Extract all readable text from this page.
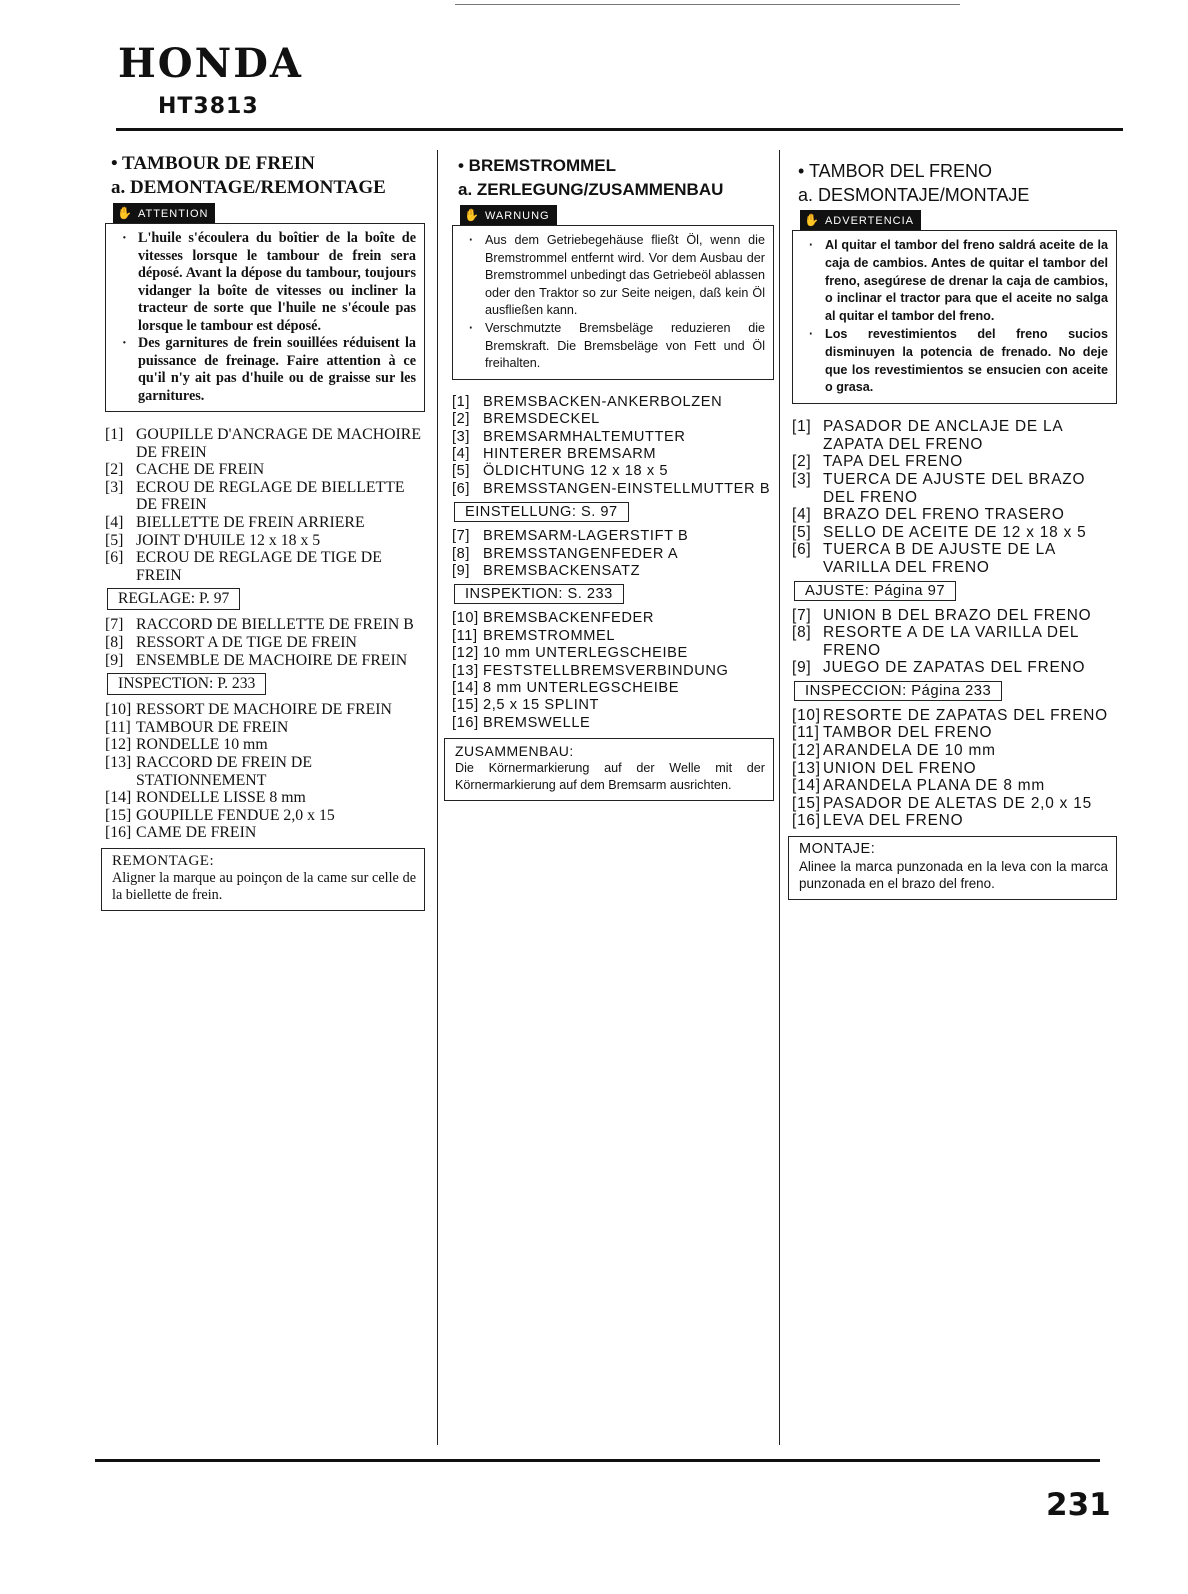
HONDA
HT3813
• TAMBOUR DE FREIN
a. DEMONTAGE/REMONTAGE
✋ ATTENTION
· L'huile s'écoulera du boîtier de la boîte de vitesses lorsque le tambour de frein sera déposé. Avant la dépose du tambour, toujours vidanger la boîte de vitesses ou incliner la tracteur de sorte que l'huile ne s'écoule pas lorsque le tambour est déposé.
· Des garnitures de frein souillées réduisent la puissance de freinage. Faire attention à ce qu'il n'y ait pas d'huile ou de graisse sur les garnitures.
[1] GOUPILLE D'ANCRAGE DE MACHOIRE DE FREIN
[2] CACHE DE FREIN
[3] ECROU DE REGLAGE DE BIELLETTE DE FREIN
[4] BIELLETTE DE FREIN ARRIERE
[5] JOINT D'HUILE 12 x 18 x 5
[6] ECROU DE REGLAGE DE TIGE DE FREIN
REGLAGE: P. 97
[7] RACCORD DE BIELLETTE DE FREIN B
[8] RESSORT A DE TIGE DE FREIN
[9] ENSEMBLE DE MACHOIRE DE FREIN
INSPECTION: P. 233
[10] RESSORT DE MACHOIRE DE FREIN
[11] TAMBOUR DE FREIN
[12] RONDELLE 10 mm
[13] RACCORD DE FREIN DE STATIONNEMENT
[14] RONDELLE LISSE 8 mm
[15] GOUPILLE FENDUE 2,0 x 15
[16] CAME DE FREIN
REMONTAGE:
Aligner la marque au poinçon de la came sur celle de la biellette de frein.
• BREMSTROMMEL
a. ZERLEGUNG/ZUSAMMENBAU
✋ WARNUNG
· Aus dem Getriebegehäuse fließt Öl, wenn die Bremstrommel entfernt wird. Vor dem Ausbau der Bremstrommel unbedingt das Getriebeöl ablassen oder den Traktor so zur Seite neigen, daß kein Öl ausfließen kann.
· Verschmutzte Bremsbeläge reduzieren die Bremskraft. Die Bremsbeläge von Fett und Öl freihalten.
[1] BREMSBACKEN-ANKERBOLZEN
[2] BREMSDECKEL
[3] BREMSARMHALTEMUTTER
[4] HINTERER BREMSARM
[5] ÖLDICHTUNG 12 x 18 x 5
[6] BREMSSTANGEN-EINSTELLMUTTER B
EINSTELLUNG: S. 97
[7] BREMSARM-LAGERSTIFT B
[8] BREMSSTANGENFEDER A
[9] BREMSBACKENSATZ
INSPEKTION: S. 233
[10] BREMSBACKENFEDER
[11] BREMSTROMMEL
[12] 10 mm UNTERLEGSCHEIBE
[13] FESTSTELLBREMSVERBINDUNG
[14] 8 mm UNTERLEGSCHEIBE
[15] 2,5 x 15 SPLINT
[16] BREMSWELLE
ZUSAMMENBAU:
Die Körnermarkierung auf der Welle mit der Körnermarkierung auf dem Bremsarm ausrichten.
• TAMBOR DEL FRENO
a. DESMONTAJE/MONTAJE
✋ ADVERTENCIA
· Al quitar el tambor del freno saldrá aceite de la caja de cambios. Antes de quitar el tambor del freno, asegúrese de drenar la caja de cambios, o inclinar el tractor para que el aceite no salga al quitar el tambor del freno.
· Los revestimientos del freno sucios disminuyen la potencia de frenado. No deje que los revestimientos se ensucien con aceite o grasa.
[1] PASADOR DE ANCLAJE DE LA ZAPATA DEL FRENO
[2] TAPA DEL FRENO
[3] TUERCA DE AJUSTE DEL BRAZO DEL FRENO
[4] BRAZO DEL FRENO TRASERO
[5] SELLO DE ACEITE DE 12 x 18 x 5
[6] TUERCA B DE AJUSTE DE LA VARILLA DEL FRENO
AJUSTE: Página 97
[7] UNION B DEL BRAZO DEL FRENO
[8] RESORTE A DE LA VARILLA DEL FRENO
[9] JUEGO DE ZAPATAS DEL FRENO
INSPECCION: Página 233
[10] RESORTE DE ZAPATAS DEL FRENO
[11] TAMBOR DEL FRENO
[12] ARANDELA DE 10 mm
[13] UNION DEL FRENO
[14] ARANDELA PLANA DE 8 mm
[15] PASADOR DE ALETAS DE 2,0 x 15
[16] LEVA DEL FRENO
MONTAJE:
Alinee la marca punzonada en la leva con la marca punzonada en el brazo del freno.
231
